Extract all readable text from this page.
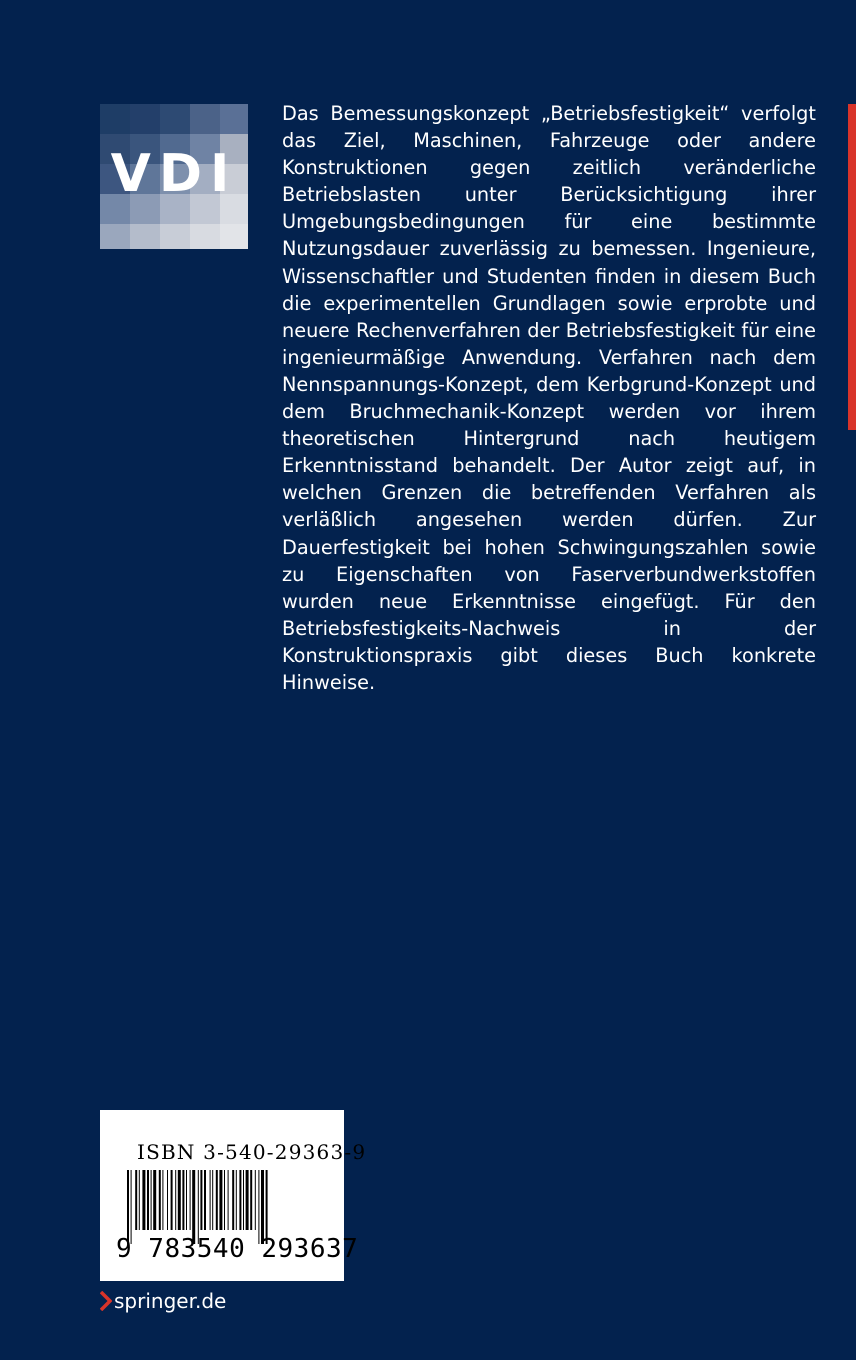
VDI

Das Bemessungskonzept „Betriebsfestigkeit“ verfolgt das Ziel, Maschinen, Fahrzeuge oder andere Konstruktionen gegen zeitlich veränderliche Betriebslasten unter Berücksichtigung ihrer Umgebungsbedingungen für eine bestimmte Nutzungsdauer zuverlässig zu bemessen. Ingenieure, Wissenschaftler und Studenten finden in diesem Buch die experimentellen Grundlagen sowie erprobte und neuere Rechenverfahren der Betriebsfestigkeit für eine ingenieurmäßige Anwendung. Verfahren nach dem Nennspannungs-Konzept, dem Kerbgrund-Konzept und dem Bruchmechanik-Konzept werden vor ihrem theoretischen Hintergrund nach heutigem Erkenntnisstand behandelt. Der Autor zeigt auf, in welchen Grenzen die betreffenden Verfahren als verläßlich angesehen werden dürfen. Zur Dauerfestigkeit bei hohen Schwingungszahlen sowie zu Eigenschaften von Faserverbundwerkstoffen wurden neue Erkenntnisse eingefügt. Für den Betriebsfestigkeits-Nachweis in der Konstruktionspraxis gibt dieses Buch konkrete Hinweise.

ISBN 3-540-29363-9
9 783540 293637
springer.de
